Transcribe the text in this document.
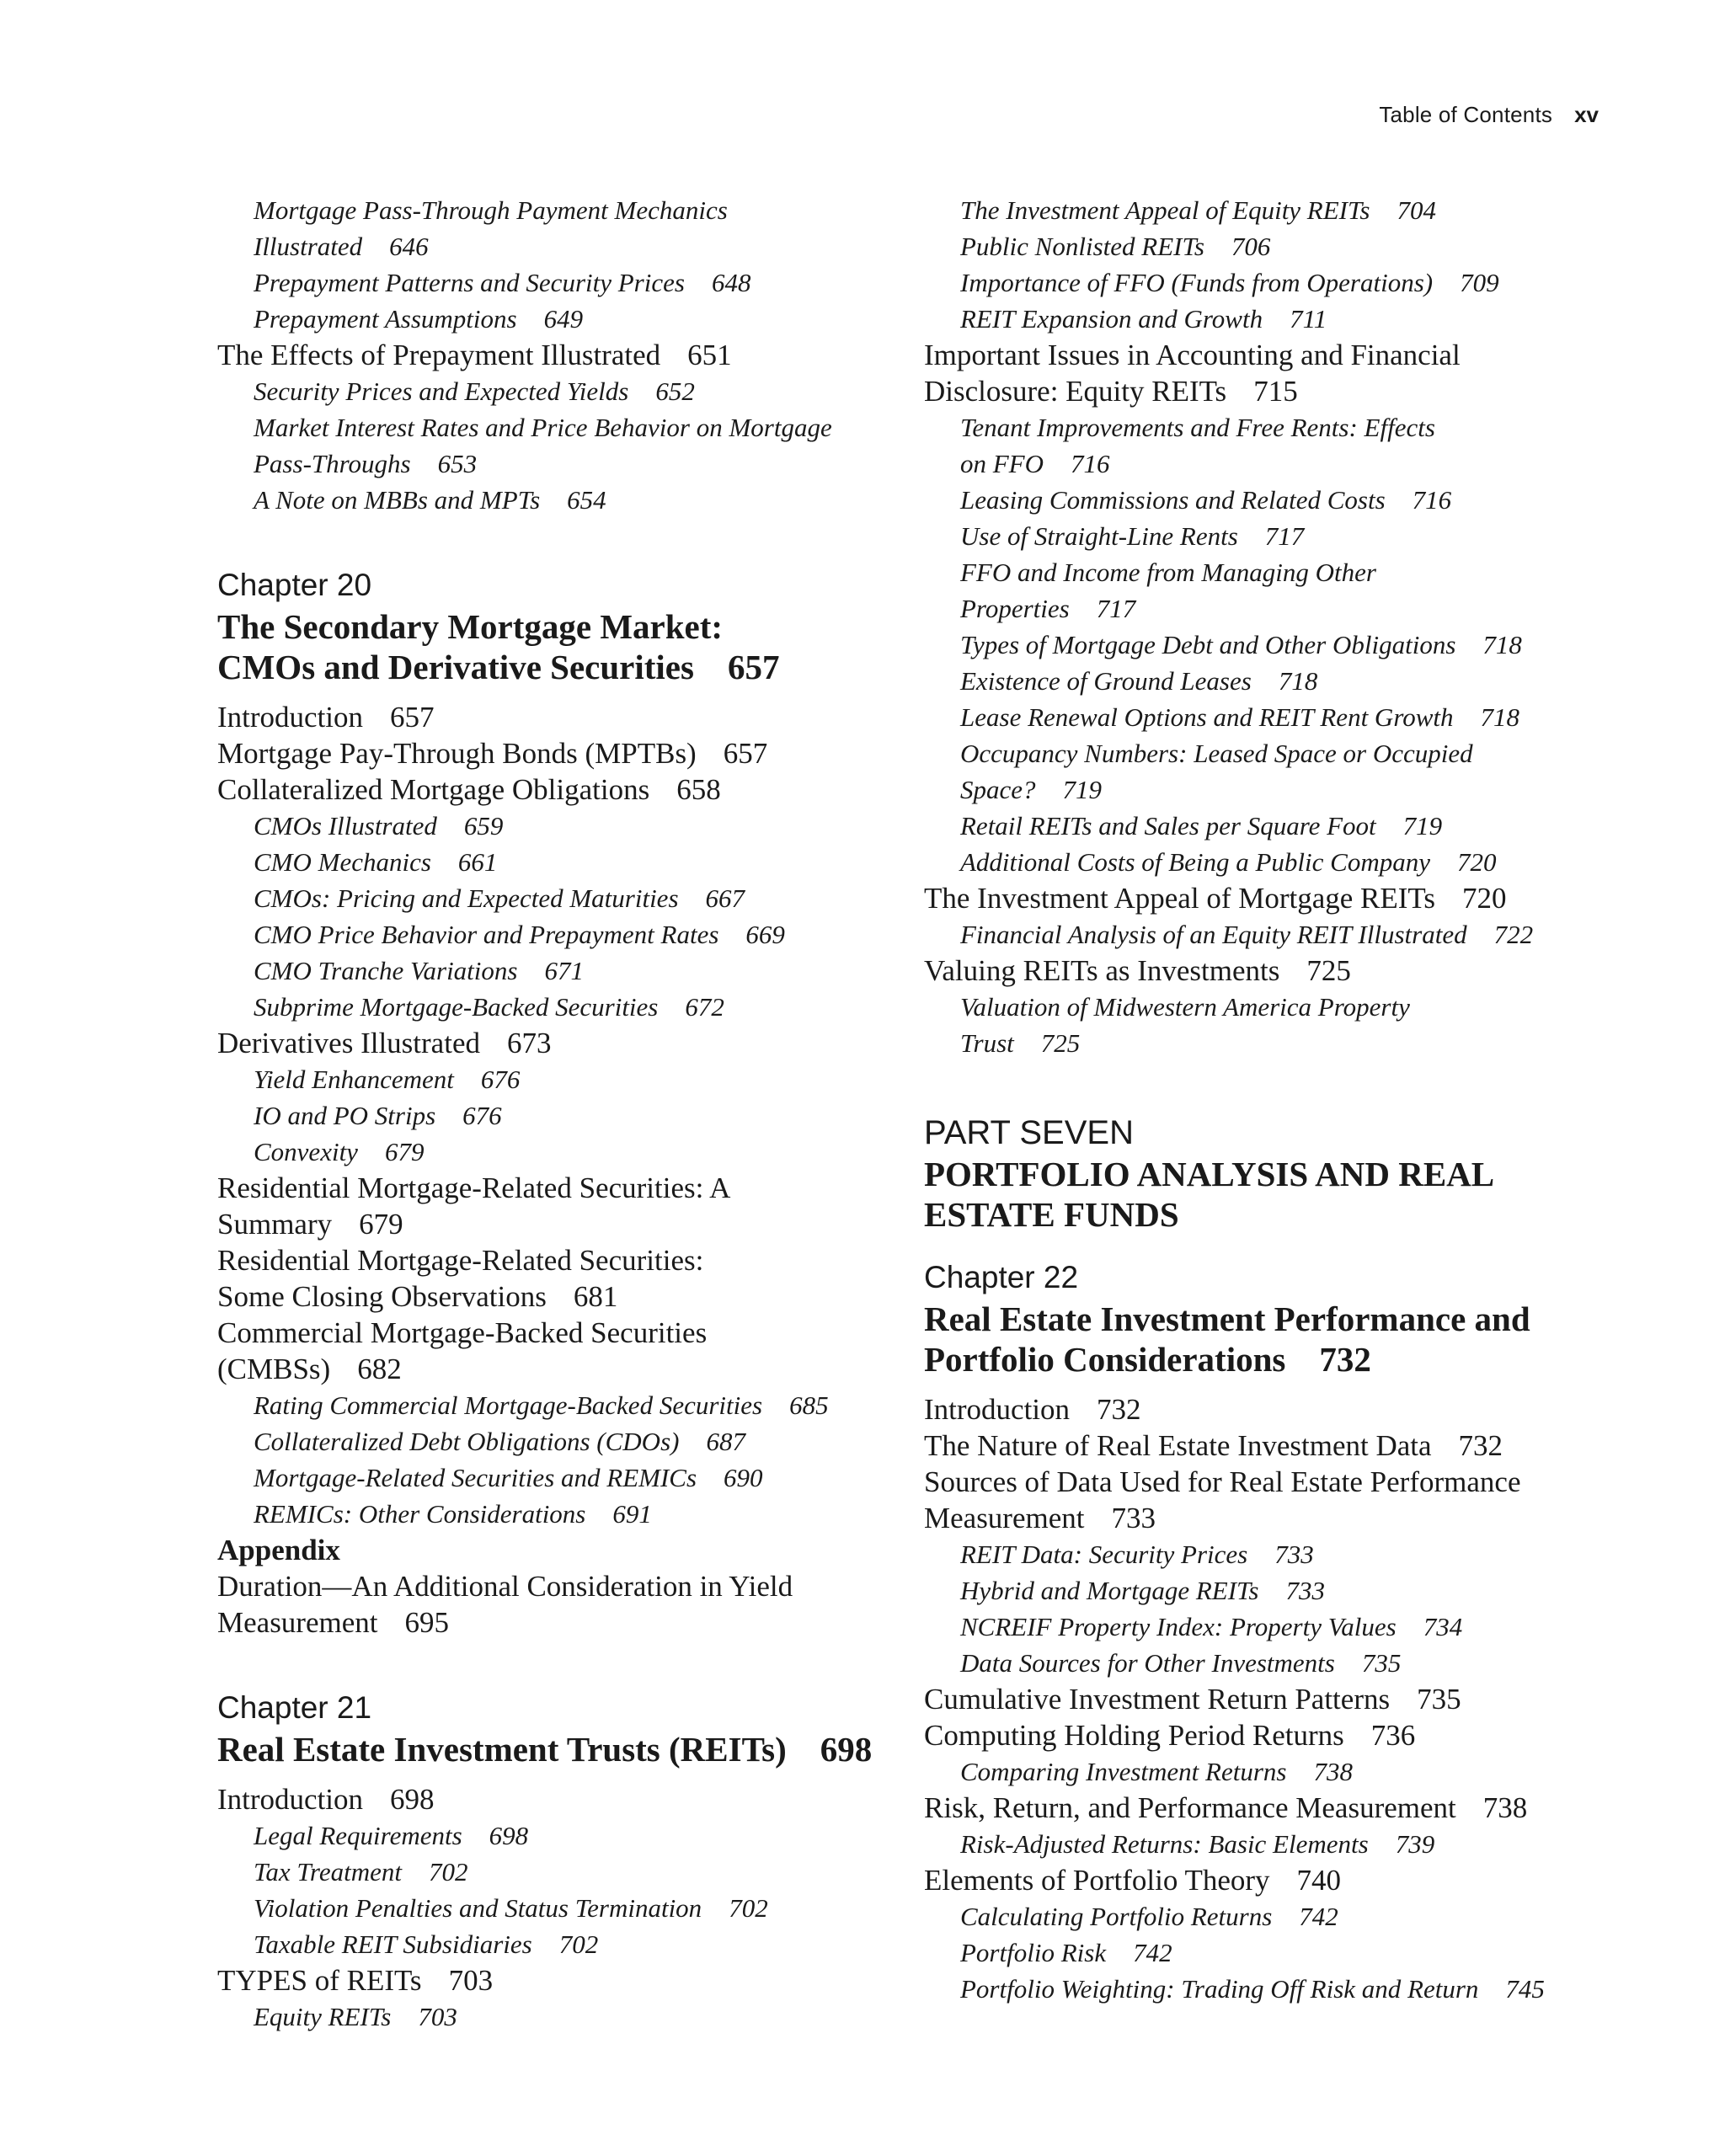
Table of Contents xv
Mortgage Pass-Through Payment Mechanics
Illustrated 646
Prepayment Patterns and Security Prices 648
Prepayment Assumptions 649
The Effects of Prepayment Illustrated 651
Security Prices and Expected Yields 652
Market Interest Rates and Price Behavior on Mortgage
Pass-Throughs 653
A Note on MBBs and MPTs 654
Chapter 20
The Secondary Mortgage Market:
CMOs and Derivative Securities 657
Introduction 657
Mortgage Pay-Through Bonds (MPTBs) 657
Collateralized Mortgage Obligations 658
CMOs Illustrated 659
CMO Mechanics 661
CMOs: Pricing and Expected Maturities 667
CMO Price Behavior and Prepayment Rates 669
CMO Tranche Variations 671
Subprime Mortgage-Backed Securities 672
Derivatives Illustrated 673
Yield Enhancement 676
IO and PO Strips 676
Convexity 679
Residential Mortgage-Related Securities: A
Summary 679
Residential Mortgage-Related Securities:
Some Closing Observations 681
Commercial Mortgage-Backed Securities
(CMBSs) 682
Rating Commercial Mortgage-Backed Securities 685
Collateralized Debt Obligations (CDOs) 687
Mortgage-Related Securities and REMICs 690
REMICs: Other Considerations 691
Appendix
Duration—An Additional Consideration in Yield
Measurement 695
Chapter 21
Real Estate Investment Trusts (REITs) 698
Introduction 698
Legal Requirements 698
Tax Treatment 702
Violation Penalties and Status Termination 702
Taxable REIT Subsidiaries 702
TYPES of REITs 703
Equity REITs 703
The Investment Appeal of Equity REITs 704
Public Nonlisted REITs 706
Importance of FFO (Funds from Operations) 709
REIT Expansion and Growth 711
Important Issues in Accounting and Financial
Disclosure: Equity REITs 715
Tenant Improvements and Free Rents: Effects
on FFO 716
Leasing Commissions and Related Costs 716
Use of Straight-Line Rents 717
FFO and Income from Managing Other
Properties 717
Types of Mortgage Debt and Other Obligations 718
Existence of Ground Leases 718
Lease Renewal Options and REIT Rent Growth 718
Occupancy Numbers: Leased Space or Occupied
Space? 719
Retail REITs and Sales per Square Foot 719
Additional Costs of Being a Public Company 720
The Investment Appeal of Mortgage REITs 720
Financial Analysis of an Equity REIT Illustrated 722
Valuing REITs as Investments 725
Valuation of Midwestern America Property
Trust 725
PART SEVEN
PORTFOLIO ANALYSIS AND REAL
ESTATE FUNDS
Chapter 22
Real Estate Investment Performance and
Portfolio Considerations 732
Introduction 732
The Nature of Real Estate Investment Data 732
Sources of Data Used for Real Estate Performance
Measurement 733
REIT Data: Security Prices 733
Hybrid and Mortgage REITs 733
NCREIF Property Index: Property Values 734
Data Sources for Other Investments 735
Cumulative Investment Return Patterns 735
Computing Holding Period Returns 736
Comparing Investment Returns 738
Risk, Return, and Performance Measurement 738
Risk-Adjusted Returns: Basic Elements 739
Elements of Portfolio Theory 740
Calculating Portfolio Returns 742
Portfolio Risk 742
Portfolio Weighting: Trading Off Risk and Return 745
